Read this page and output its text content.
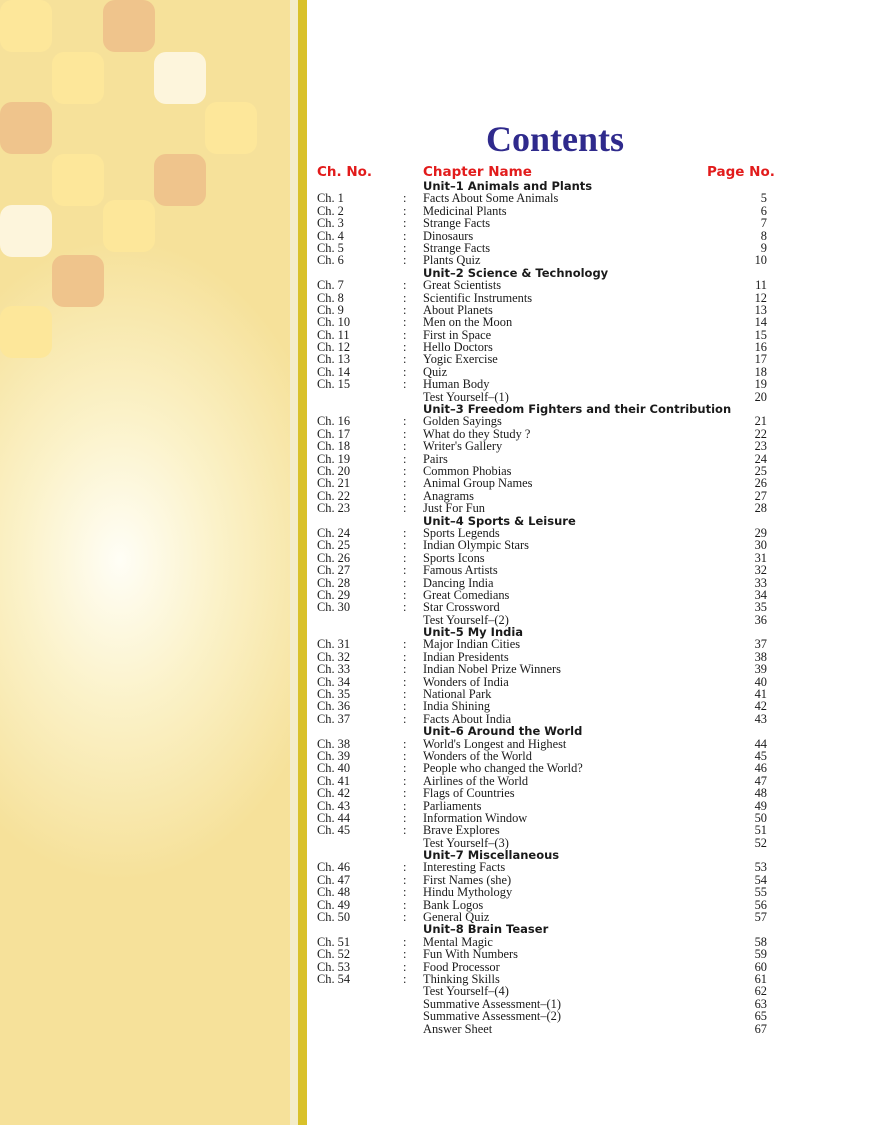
Contents
Ch. No.	Chapter Name	Page No.
Unit–1 Animals and Plants
Ch. 1	: Facts About Some Animals	5
Ch. 2	: Medicinal Plants	6
Ch. 3	: Strange Facts	7
Ch. 4	: Dinosaurs	8
Ch. 5	: Strange Facts	9
Ch. 6	: Plants Quiz	10
Unit–2 Science & Technology
Ch. 7	: Great Scientists	11
Ch. 8	: Scientific Instruments	12
Ch. 9	: About Planets	13
Ch. 10	: Men on the Moon	14
Ch. 11	: First in Space	15
Ch. 12	: Hello Doctors	16
Ch. 13	: Yogic Exercise	17
Ch. 14	: Quiz	18
Ch. 15	: Human Body	19
Test Yourself–(1)	20
Unit–3 Freedom Fighters and their Contribution
Ch. 16	: Golden Sayings	21
Ch. 17	: What do they Study ?	22
Ch. 18	: Writer's Gallery	23
Ch. 19	: Pairs	24
Ch. 20	: Common Phobias	25
Ch. 21	: Animal Group Names	26
Ch. 22	: Anagrams	27
Ch. 23	: Just For Fun	28
Unit–4 Sports & Leisure
Ch. 24	: Sports Legends	29
Ch. 25	: Indian Olympic Stars	30
Ch. 26	: Sports Icons	31
Ch. 27	: Famous Artists	32
Ch. 28	: Dancing India	33
Ch. 29	: Great Comedians	34
Ch. 30	: Star Crossword	35
Test Yourself–(2)	36
Unit–5 My India
Ch. 31	: Major Indian Cities	37
Ch. 32	: Indian Presidents	38
Ch. 33	: Indian Nobel Prize Winners	39
Ch. 34	: Wonders of India	40
Ch. 35	: National Park	41
Ch. 36	: India Shining	42
Ch. 37	: Facts About India	43
Unit–6 Around the World
Ch. 38	: World's Longest and Highest	44
Ch. 39	: Wonders of the World	45
Ch. 40	: People who changed the World?	46
Ch. 41	: Airlines of the World	47
Ch. 42	: Flags of Countries	48
Ch. 43	: Parliaments	49
Ch. 44	: Information Window	50
Ch. 45	: Brave Explores	51
Test Yourself–(3)	52
Unit–7 Miscellaneous
Ch. 46	: Interesting Facts	53
Ch. 47	: First Names (she)	54
Ch. 48	: Hindu Mythology	55
Ch. 49	: Bank Logos	56
Ch. 50	: General Quiz	57
Unit–8 Brain Teaser
Ch. 51	: Mental Magic	58
Ch. 52	: Fun With Numbers	59
Ch. 53	: Food Processor	60
Ch. 54	: Thinking Skills	61
Test Yourself–(4)	62
Summative Assessment–(1)	63
Summative Assessment–(2)	65
Answer Sheet	67
